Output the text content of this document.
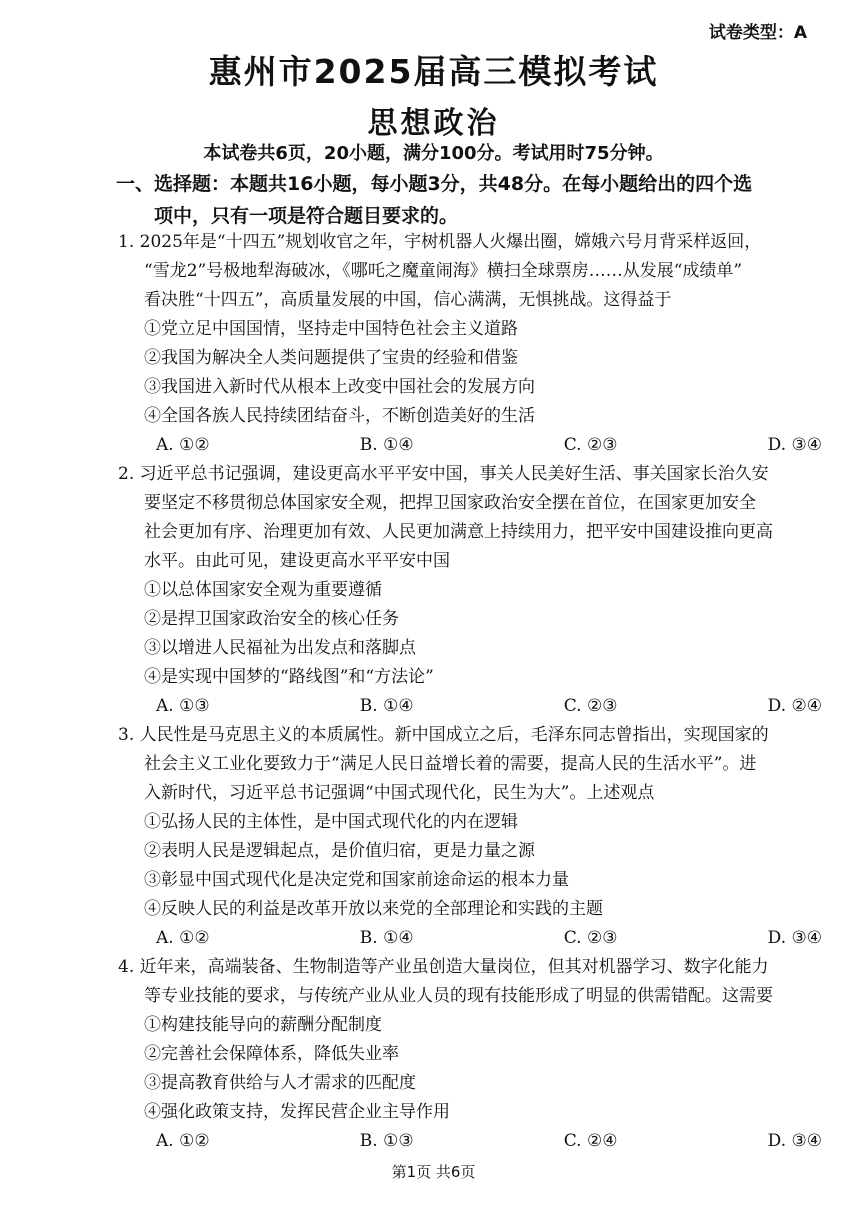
试卷类型：A
惠州市2025届高三模拟考试
思想政治
本试卷共6页，20小题，满分100分。考试用时75分钟。
一、选择题：本题共16小题，每小题3分，共48分。在每小题给出的四个选
项中，只有一项是符合题目要求的。
1. 2025年是“十四五”规划收官之年，宇树机器人火爆出圈，嫦娥六号月背采样返回，
“雪龙2”号极地犁海破冰，《哪吒之魔童闹海》横扫全球票房……从发展“成绩单”
看决胜“十四五”，高质量发展的中国，信心满满，无惧挑战。这得益于
①党立足中国国情，坚持走中国特色社会主义道路
②我国为解决全人类问题提供了宝贵的经验和借鉴
③我国进入新时代从根本上改变中国社会的发展方向
④全国各族人民持续团结奋斗，不断创造美好的生活
A. ①②	B. ①④	C. ②③	D. ③④
2. 习近平总书记强调，建设更高水平平安中国，事关人民美好生活、事关国家长治久安
要坚定不移贯彻总体国家安全观，把捍卫国家政治安全摆在首位，在国家更加安全
社会更加有序、治理更加有效、人民更加满意上持续用力，把平安中国建设推向更高
水平。由此可见，建设更高水平平安中国
①以总体国家安全观为重要遵循
②是捍卫国家政治安全的核心任务
③以增进人民福祉为出发点和落脚点
④是实现中国梦的“路线图”和“方法论”
A. ①③	B. ①④	C. ②③	D. ②④
3. 人民性是马克思主义的本质属性。新中国成立之后，毛泽东同志曾指出，实现国家的
社会主义工业化要致力于“满足人民日益增长着的需要，提高人民的生活水平”。进
入新时代，习近平总书记强调“中国式现代化，民生为大”。上述观点
①弘扬人民的主体性，是中国式现代化的内在逻辑
②表明人民是逻辑起点，是价值归宿，更是力量之源
③彰显中国式现代化是决定党和国家前途命运的根本力量
④反映人民的利益是改革开放以来党的全部理论和实践的主题
A. ①②	B. ①④	C. ②③	D. ③④
4. 近年来，高端装备、生物制造等产业虽创造大量岗位，但其对机器学习、数字化能力
等专业技能的要求，与传统产业从业人员的现有技能形成了明显的供需错配。这需要
①构建技能导向的薪酬分配制度
②完善社会保障体系，降低失业率
③提高教育供给与人才需求的匹配度
④强化政策支持，发挥民营企业主导作用
A. ①②	B. ①③	C. ②④	D. ③④
第1页 共6页
